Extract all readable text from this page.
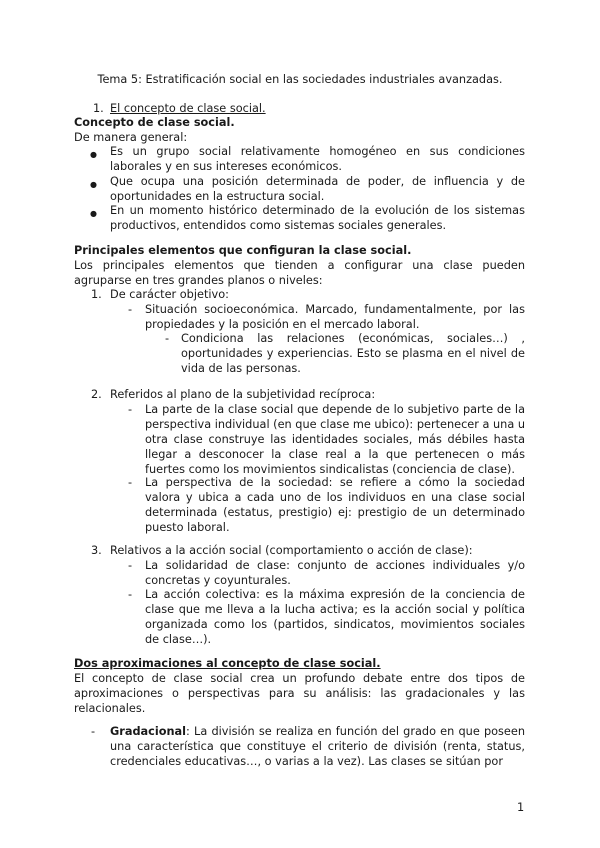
Tema 5: Estratificación social en las sociedades industriales avanzadas.

1. El concepto de clase social.

Concepto de clase social.

De manera general:

● Es un grupo social relativamente homogéneo en sus condiciones laborales y en sus intereses económicos.

● Que ocupa una posición determinada de poder, de influencia y de oportunidades en la estructura social.

● En un momento histórico determinado de la evolución de los sistemas productivos, entendidos como sistemas sociales generales.

Principales elementos que configuran la clase social.

Los principales elementos que tienden a configurar una clase pueden agruparse en tres grandes planos o niveles:

1. De carácter objetivo:
- Situación socioeconómica. Marcado, fundamentalmente, por las propiedades y la posición en el mercado laboral.

- Condiciona las relaciones (económicas, sociales…) , oportunidades y experiencias. Esto se plasma en el nivel de vida de las personas.

2. Referidos al plano de la subjetividad recíproca:
- La parte de la clase social que depende de lo subjetivo parte de la perspectiva individual (en que clase me ubico): pertenecer a una u otra clase construye las identidades sociales, más débiles hasta llegar a desconocer la clase real a la que pertenecen o más fuertes como los movimientos sindicalistas (conciencia de clase).

- La perspectiva de la sociedad: se refiere a cómo la sociedad valora y ubica a cada uno de los individuos en una clase social determinada (estatus, prestigio) ej: prestigio de un determinado puesto laboral.

3. Relativos a la acción social (comportamiento o acción de clase):
- La solidaridad de clase: conjunto de acciones individuales y/o concretas y coyunturales.

- La acción colectiva: es la máxima expresión de la conciencia de clase que me lleva a la lucha activa; es la acción social y política organizada como los (partidos, sindicatos, movimientos sociales de clase…).

Dos aproximaciones al concepto de clase social.

El concepto de clase social crea un profundo debate entre dos tipos de aproximaciones o perspectivas para su análisis: las gradacionales y las relacionales.

- Gradacional: La división se realiza en función del grado en que poseen una característica que constituye el criterio de división (renta, status, credenciales educativas…, o varias a la vez). Las clases se sitúan por

1
